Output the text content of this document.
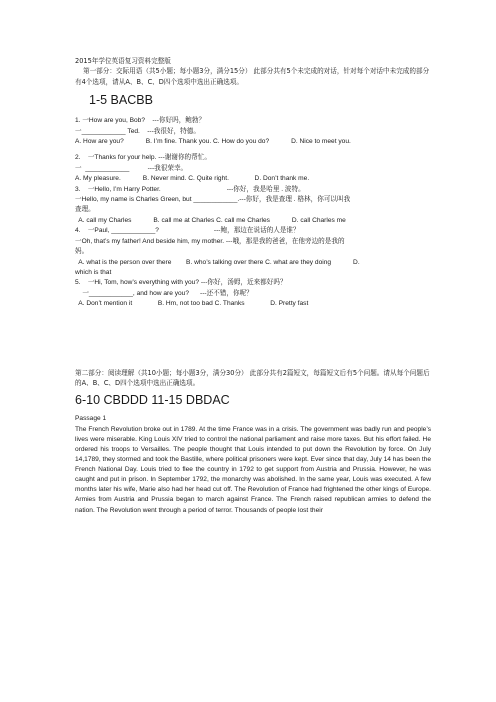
2015年学位英语复习资料完整版
第一部分：交际用语（共5小题；每小题3分，满分15分） 此部分共有5个未完成的对话，针对每个对话中未完成的部分有4个选项，请从A、B、C、D四个选项中选出正确选项。
1-5 BACBB
1. 一How are you, Bob?    ---你好吗，鲍勃？
一____________ Ted.    ---我很好，特德。
A. How are you?            B. I’m fine. Thank you. C. How do you do?            D. Nice to meet you.
2.    一Thanks for your help. ---谢谢你的帮忙。
一  ____________          ---我很荣幸。
A. My pleasure.            B. Never mind. C. Quite right.              D. Don’t thank me.
3.    一Hello, I’m Harry Potter.                                    ---你好，我是哈里 . 波特。
一Hello, my name is Charles Green, but ____________.---你好，我是查理 . 格林，你可以叫我
查理。
A. call my Charles            B. call me at Charles C. call me Charles            D. call Charles me
4.    一Paul, ____________?                              ---鲍，那边在说话的人是谁？
一Oh, that’s my father! And beside him, my mother. ---哦，那是我的爸爸，在他旁边的是我的
妈。
A. what is the person over there        B. who’s talking over there C. what are they doing            D.
which is that
5.    一Hi, Tom, how’s everything with you? ---你好，汤姆，近来都好吗？
一____________, and how are you?      ---还不错，你呢？
A. Don’t mention it              B. Hm, not too bad C. Thanks              D. Pretty fast
第二部分：阅读理解（共10小题；每小题3分，满分30分） 此部分共有2篇短文，每篇短文后有5个问题。请从每个问题后的A、B、C、D四个选项中选出正确选项。
6-10 CBDDD 11-15 DBDAC
Passage 1
The French Revolution broke out in 1789. At the time France was in a crisis. The government was badly run and people’s lives were miserable. King Louis XIV tried to control the national parliament and raise more taxes. But his effort failed. He ordered his troops to Versailles. The people thought that Louis intended to put down the Revolution by force. On July 14,1789, they stormed and took the Bastille, where political prisoners were kept. Ever since that day, July 14 has been the French National Day. Louis tried to flee the country in 1792 to get support from Austria and Prussia. However, he was caught and put in prison. In September 1792, the monarchy was abolished. In the same year, Louis was executed. A few months later his wife, Marie also had her head cut off. The Revolution of France had frightened the other kings of Europe. Armies from Austria and Prussia began to march against France. The French raised republican armies to defend the nation. The Revolution went through a period of terror. Thousands of people lost their
